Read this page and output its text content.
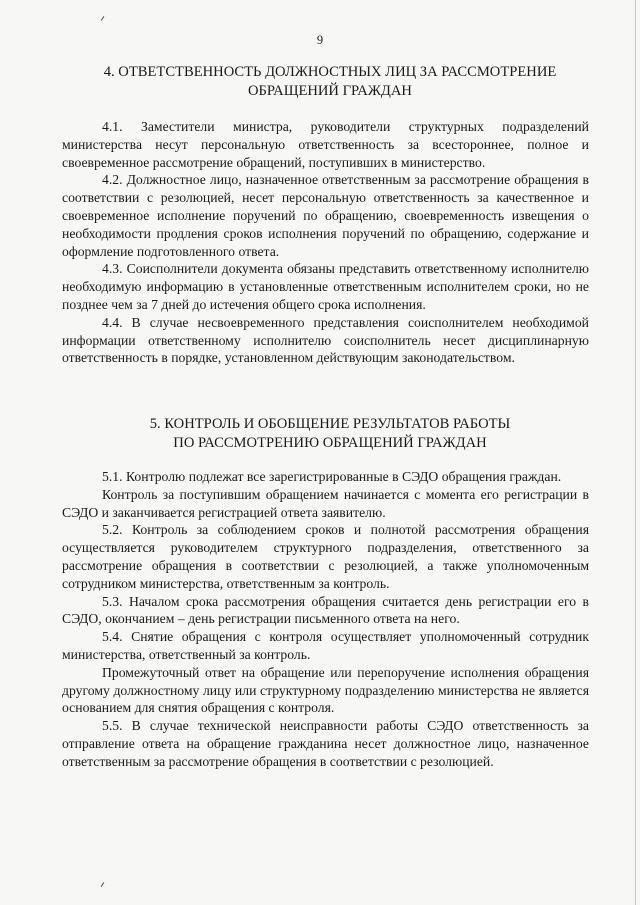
9
4. ОТВЕТСТВЕННОСТЬ ДОЛЖНОСТНЫХ ЛИЦ ЗА РАССМОТРЕНИЕ
ОБРАЩЕНИЙ ГРАЖДАН

4.1. Заместители министра, руководители структурных подразделений министерства несут персональную ответственность за всестороннее, полное и своевременное рассмотрение обращений, поступивших в министерство.

4.2. Должностное лицо, назначенное ответственным за рассмотрение обращения в соответствии с резолюцией, несет персональную ответственность за качественное и своевременное исполнение поручений по обращению, своевременность извещения о необходимости продления сроков исполнения поручений по обращению, содержание и оформление подготовленного ответа.

4.3. Соисполнители документа обязаны представить ответственному исполнителю необходимую информацию в установленные ответственным исполнителем сроки, но не позднее чем за 7 дней до истечения общего срока исполнения.

4.4. В случае несвоевременного представления соисполнителем необходимой информации ответственному исполнителю соисполнитель несет дисциплинарную ответственность в порядке, установленном действующим законодательством.

5. КОНТРОЛЬ И ОБОБЩЕНИЕ РЕЗУЛЬТАТОВ РАБОТЫ
ПО РАССМОТРЕНИЮ ОБРАЩЕНИЙ ГРАЖДАН

5.1. Контролю подлежат все зарегистрированные в СЭДО обращения граждан.

Контроль за поступившим обращением начинается с момента его регистрации в СЭДО и заканчивается регистрацией ответа заявителю.

5.2. Контроль за соблюдением сроков и полнотой рассмотрения обращения осуществляется руководителем структурного подразделения, ответственного за рассмотрение обращения в соответствии с резолюцией, а также уполномоченным сотрудником министерства, ответственным за контроль.

5.3. Началом срока рассмотрения обращения считается день регистрации его в СЭДО, окончанием – день регистрации письменного ответа на него.

5.4. Снятие обращения с контроля осуществляет уполномоченный сотрудник министерства, ответственный за контроль.

Промежуточный ответ на обращение или перепоручение исполнения обращения другому должностному лицу или структурному подразделению министерства не является основанием для снятия обращения с контроля.

5.5. В случае технической неисправности работы СЭДО ответственность за отправление ответа на обращение гражданина несет должностное лицо, назначенное ответственным за рассмотрение обращения в соответствии с резолюцией.
